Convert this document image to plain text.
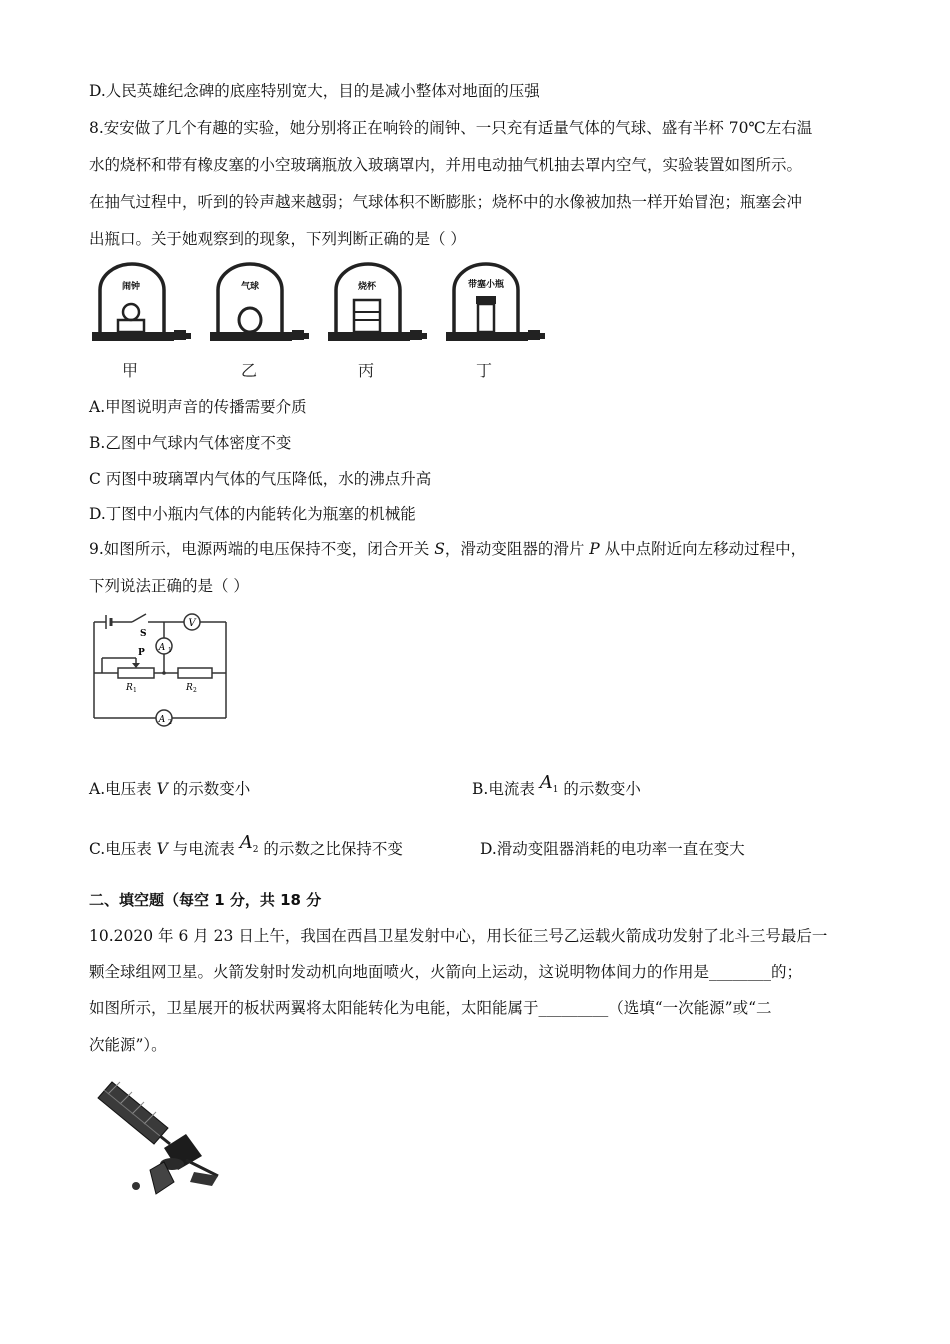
D.人民英雄纪念碑的底座特别宽大，目的是减小整体对地面的压强
8.安安做了几个有趣的实验，她分别将正在响铃的闹钟、一只充有适量气体的气球、盛有半杯 70℃左右温
水的烧杯和带有橡皮塞的小空玻璃瓶放入玻璃罩内，并用电动抽气机抽去罩内空气，实验装置如图所示。
在抽气过程中，听到的铃声越来越弱；气球体积不断膨胀；烧杯中的水像被加热一样开始冒泡；瓶塞会冲
出瓶口。关于她观察到的现象，下列判断正确的是（ ）
闹钟	气球	烧杯	带塞小瓶
甲	乙	丙	丁
A.甲图说明声音的传播需要介质
B.乙图中气球内气体密度不变
C 丙图中玻璃罩内气体的气压降低，水的沸点升高
D.丁图中小瓶内气体的内能转化为瓶塞的机械能
9.如图所示，电源两端的电压保持不变，闭合开关 S，滑动变阻器的滑片 P 从中点附近向左移动过程中，
下列说法正确的是（ ）
V
A 2
R 1	R 2
P
S
A 1
A.电压表 V 的示数变小	B.电流表 A1 的示数变小
C.电压表 V 与电流表 A2 的示数之比保持不变	D.滑动变阻器消耗的电功率一直在变大
二、填空题（每空 1 分，共 18 分
10.2020 年 6 月 23 日上午，我国在西昌卫星发射中心，用长征三号乙运载火箭成功发射了北斗三号最后一
颗全球组网卫星。火箭发射时发动机向地面喷火，火箭向上运动，这说明物体间力的作用是________的；
如图所示，卫星展开的板状两翼将太阳能转化为电能，太阳能属于_________（选填“一次能源”或“二
次能源”）。
